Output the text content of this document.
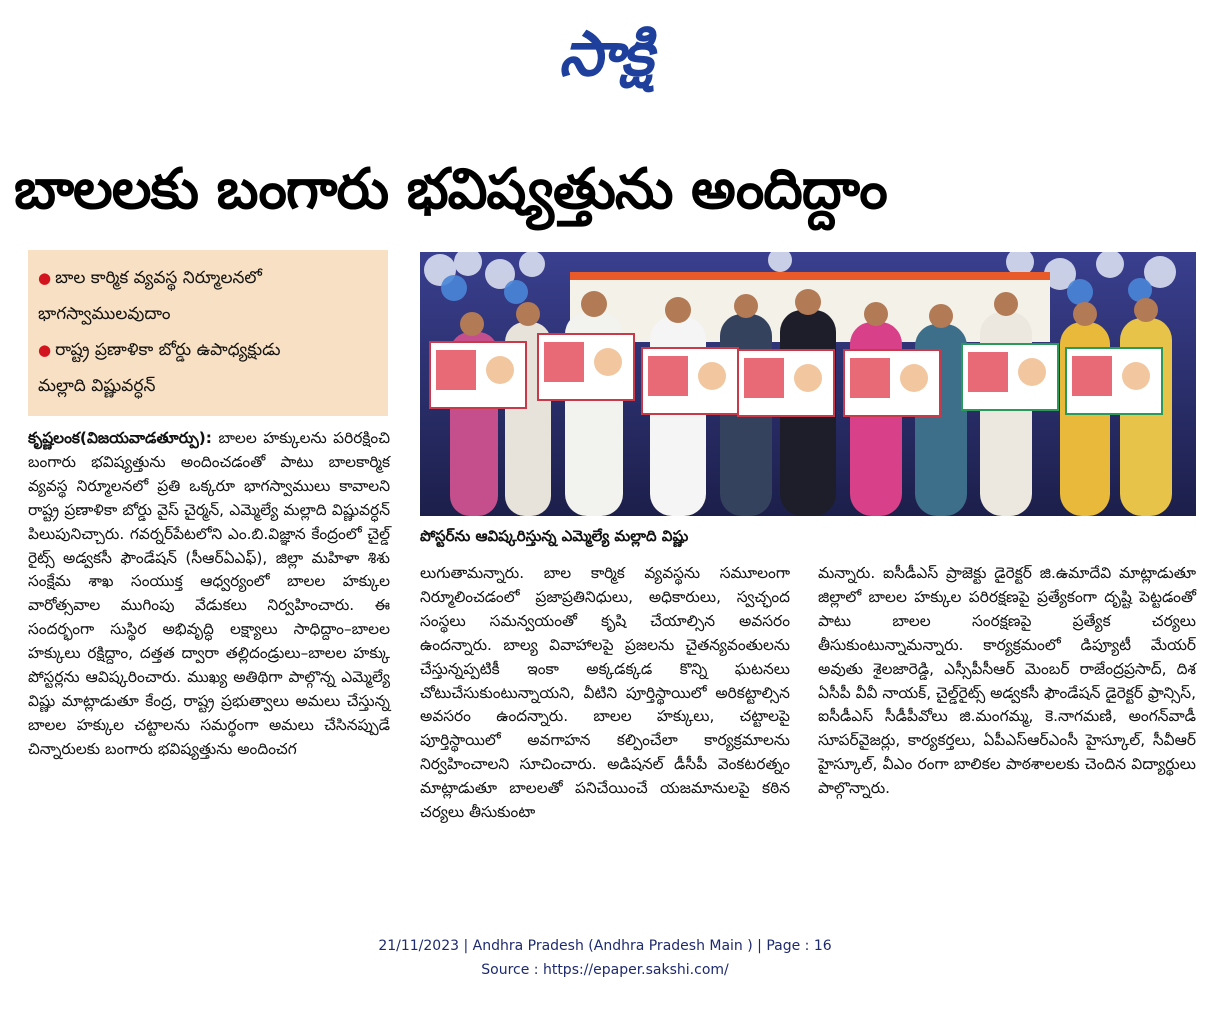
సాక్షి
బాలలకు బంగారు భవిష్యత్తును అందిద్దాం
● బాల కార్మిక వ్యవస్థ నిర్మూలనలో
భాగస్వాములవుదాం
● రాష్ట్ర ప్రణాళికా బోర్డు ఉపాధ్యక్షుడు
మల్లాది విష్ణువర్ధన్
పోస్టర్‌ను ఆవిష్కరిస్తున్న ఎమ్మెల్యే మల్లాది విష్ణు

కృష్ణలంక(విజయవాడతూర్పు): బాలల హక్కులను పరిరక్షించి బంగారు భవిష్యత్తును అందించడంతో పాటు బాలకార్మిక వ్యవస్థ నిర్మూలనలో ప్రతి ఒక్కరూ భాగస్వాములు కావాలని రాష్ట్ర ప్రణాళికా బోర్డు వైస్ చైర్మన్, ఎమ్మెల్యే మల్లాది విష్ణువర్ధన్ పిలుపునిచ్చారు. గవర్నర్‌పేటలోని ఎం.బి.విజ్ఞాన కేంద్రంలో చైల్డ్ రైట్స్ అడ్వకసీ ఫౌండేషన్ (సీఆర్‌ఏఎఫ్), జిల్లా మహిళా శిశు సంక్షేమ శాఖ సంయుక్త ఆధ్వర్యంలో బాలల హక్కుల వారోత్సవాల ముగింపు వేడుకలు నిర్వహించారు. ఈ సందర్భంగా సుస్థిర అభివృద్ధి లక్ష్యాలు సాధిద్దాం–బాలల హక్కులు రక్షిద్దాం, దత్తత ద్వారా తల్లిదండ్రులు–బాలల హక్కు పోస్టర్లను ఆవిష్కరించారు. ముఖ్య అతిథిగా పాల్గొన్న ఎమ్మెల్యే విష్ణు మాట్లాడుతూ కేంద్ర, రాష్ట్ర ప్రభుత్వాలు అమలు చేస్తున్న బాలల హక్కుల చట్టాలను సమర్థంగా అమలు చేసినప్పుడే చిన్నారులకు బంగారు భవిష్యత్తును అందించగ

లుగుతామన్నారు. బాల కార్మిక వ్యవస్థను సమూలంగా నిర్మూలించడంలో ప్రజాప్రతినిధులు, అధికారులు, స్వచ్ఛంద సంస్థలు సమన్వయంతో కృషి చేయాల్సిన అవసరం ఉందన్నారు. బాల్య వివాహాలపై ప్రజలను చైతన్యవంతులను చేస్తున్నప్పటికీ ఇంకా అక్కడక్కడ కొన్ని ఘటనలు చోటుచేసుకుంటున్నాయని, వీటిని పూర్తిస్థాయిలో అరికట్టాల్సిన అవసరం ఉందన్నారు. బాలల హక్కులు, చట్టాలపై పూర్తిస్థాయిలో అవగాహన కల్పించేలా కార్యక్రమాలను నిర్వహించాలని సూచించారు. అడిషనల్ డీసీపీ వెంకటరత్నం మాట్లాడుతూ బాలలతో పనిచేయించే యజమానులపై కఠిన చర్యలు తీసుకుంటా

మన్నారు. ఐసీడీఎస్ ప్రాజెక్టు డైరెక్టర్ జి.ఉమాదేవి మాట్లాడుతూ జిల్లాలో బాలల హక్కుల పరిరక్షణపై ప్రత్యేకంగా దృష్టి పెట్టడంతో పాటు బాలల సంరక్షణపై ప్రత్యేక చర్యలు తీసుకుంటున్నామన్నారు. కార్యక్రమంలో డిప్యూటీ మేయర్ అవుతు శైలజారెడ్డి, ఎస్సీపీసీఆర్ మెంబర్ రాజేంద్రప్రసాద్, దిశ ఏసీపీ వీవీ నాయక్, చైల్డ్‌రైట్స్ అడ్వకసీ ఫౌండేషన్ డైరెక్టర్ ఫ్రాన్సిస్, ఐసీడీఎస్ సీడీపీవోలు జి.మంగమ్మ, కె.నాగమణి, అంగన్‌వాడీ సూపర్‌వైజర్లు, కార్యకర్తలు, ఏపీఎస్‌ఆర్‌ఎంసీ హైస్కూల్, సీవీఆర్ హైస్కూల్, వీఎం రంగా బాలికల పాఠశాలలకు చెందిన విద్యార్థులు పాల్గొన్నారు.

21/11/2023 | Andhra Pradesh (Andhra Pradesh Main ) | Page : 16
Source : https://epaper.sakshi.com/
